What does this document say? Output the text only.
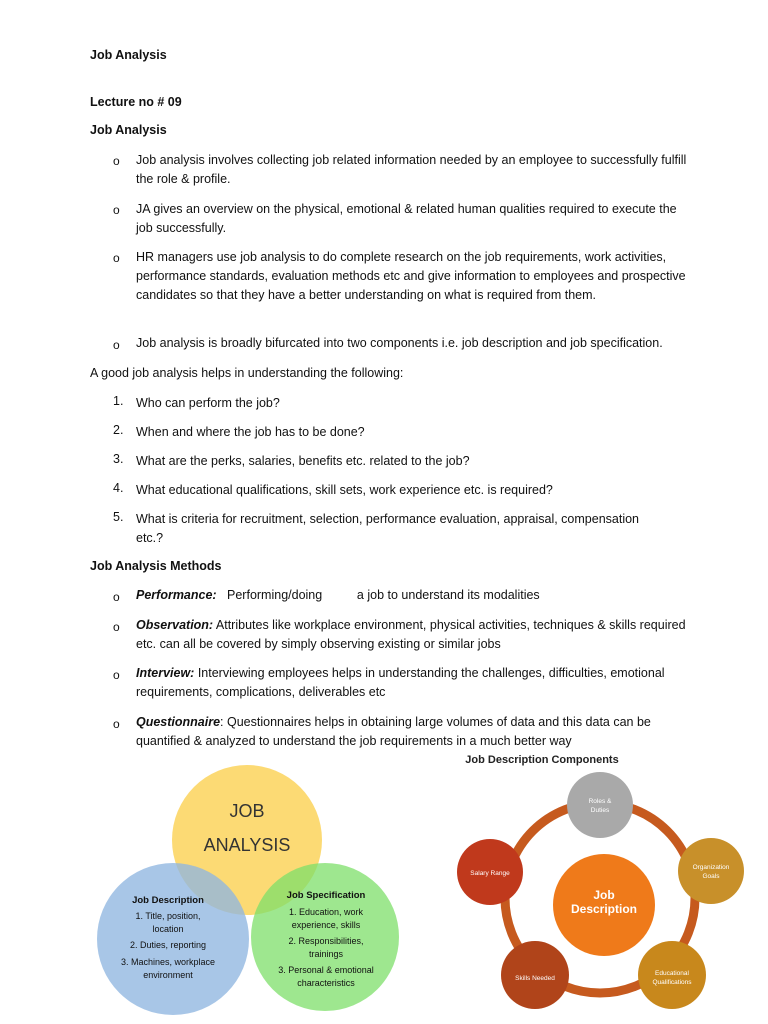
Job Analysis
Lecture no # 09
Job Analysis
o Job analysis involves collecting job related information needed by an employee to successfully fulfill the role & profile.
o JA gives an overview on the physical, emotional & related human qualities required to execute the job successfully.
o HR managers use job analysis to do complete research on the job requirements, work activities, performance standards, evaluation methods etc and give information to employees and prospective candidates so that they have a better understanding on what is required from them.
o Job analysis is broadly bifurcated into two components i.e. job description and job specification.
A good job analysis helps in understanding the following:
1. Who can perform the job?
2. When and where the job has to be done?
3. What are the perks, salaries, benefits etc. related to the job?
4. What educational qualifications, skill sets, work experience etc. is required?
5. What is criteria for recruitment, selection, performance evaluation, appraisal, compensation etc.?
Job Analysis Methods
o Performance: Performing/doing          a job to understand its modalities
o Observation: Attributes like workplace environment, physical activities, techniques & skills required etc. can all be covered by simply observing existing or similar jobs
o Interview: Interviewing employees helps in understanding the challenges, difficulties, emotional requirements, complications, deliverables etc
o Questionnaire: Questionnaires helps in obtaining large volumes of data and this data can be quantified & analyzed to understand the job requirements in a much better way
JOB
ANALYSIS
Job Description
1. Title, position,
location
2. Duties, reporting
3. Machines, workplace
environment
Job Specification
1. Education, work
experience, skills
2. Responsibilities,
trainings
3. Personal & emotional
characteristics
Job Description Components
Job
Description
Roles &
Duties
Organization
Goals
Educational
Qualifications
Skills Needed
Salary Range
